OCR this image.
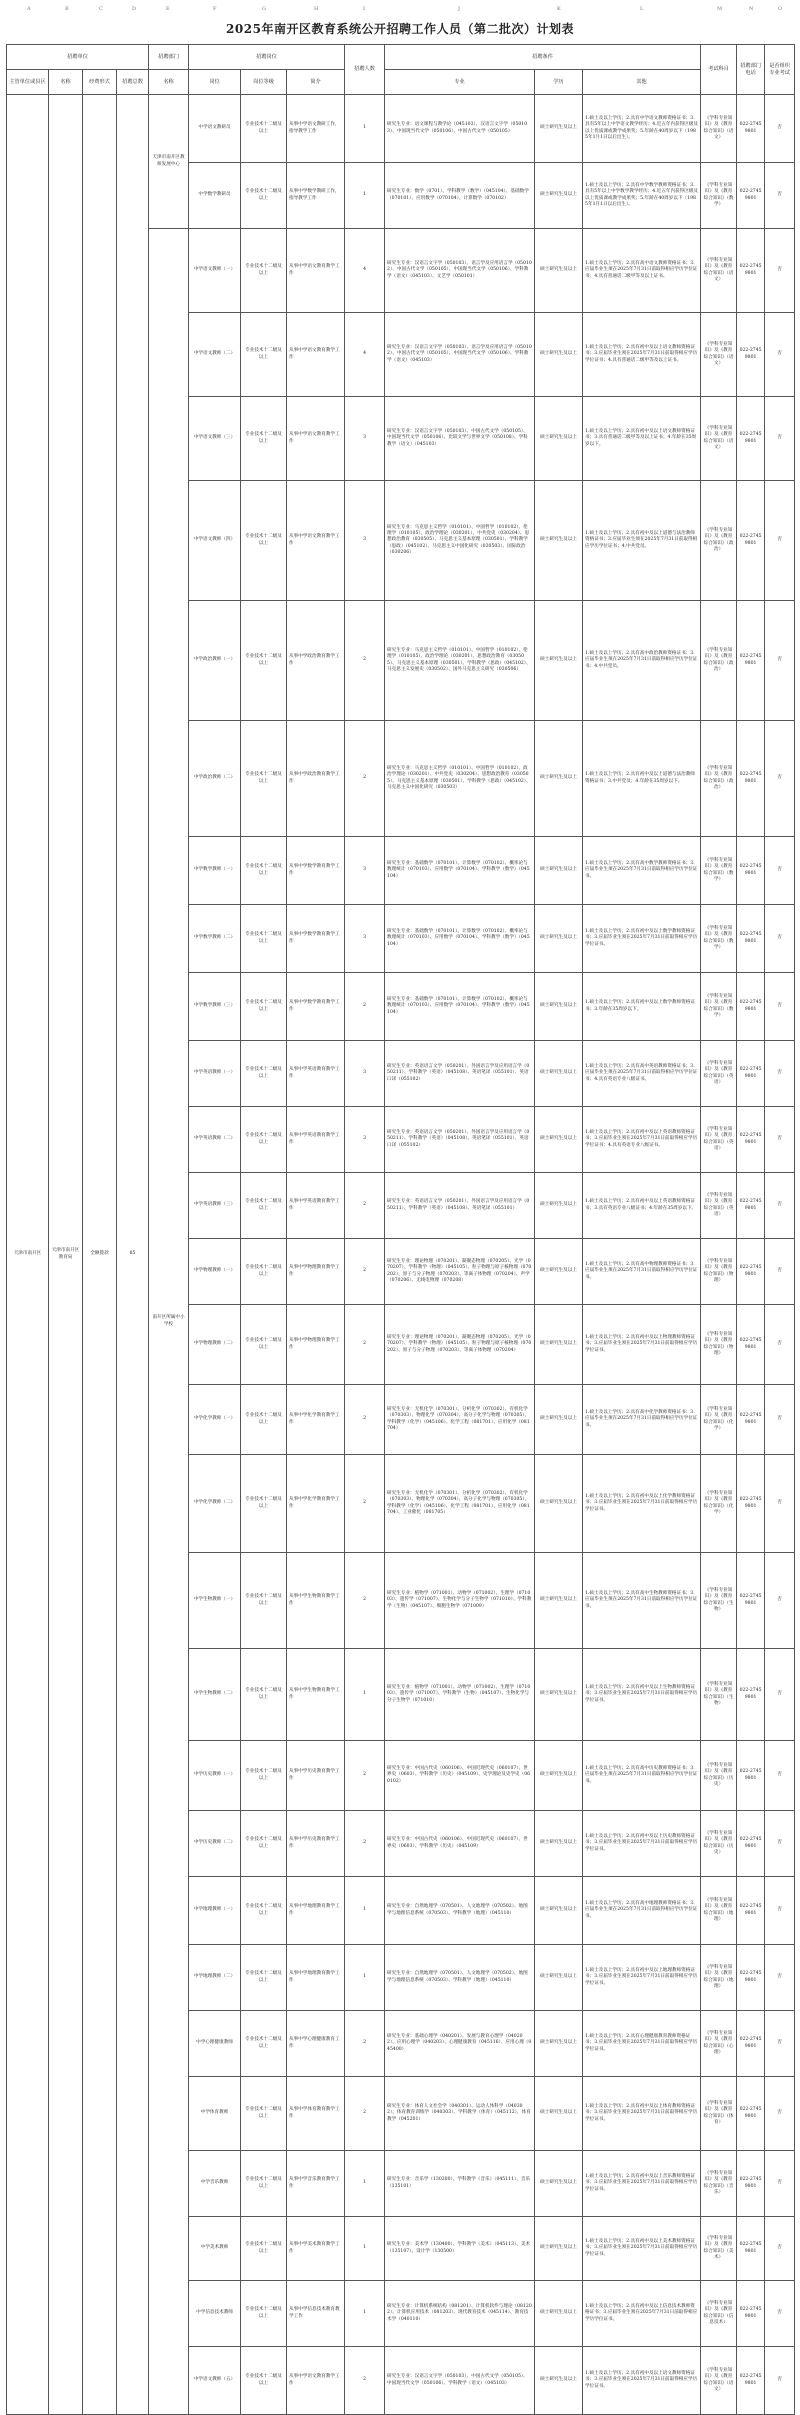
A	B	C	D	E	F	G	H	I	J	K	L	M	N	O
2025年南开区教育系统公开招聘工作人员（第二批次）计划表
招聘单位				招聘部门	招聘岗位			招聘人数	招聘条件			考试科目	招聘部门电话	是否组织专业考试
主管单位或县区	名称	经费形式	招聘总数	名称	岗位	岗位等级	简介		专业	学历	其他			
天津市南开区	天津市南开区教育局	全额拨款	85	天津市南开区教师发展中心	中学语文教研员	专业技术十二级及以上	从事中学语文教研工作，指导教学工作	1	研究生专业：语文课程与教学论（045103）、汉语言文字学（050103）、中国现当代文学（050106）、中国古代文学（050105）	硕士研究生及以上	1.硕士及以上学历；2.具有中学语文教师资格证书；3.具有5年以上中学语文教学经历；4.近五年内获得区级及以上优质课或教学成果奖；5.年龄在40周岁以下（1985年1月1日以后出生）。	《学科专业知识》及《教育综合知识》（语文）	022-27459801	否
					中学数学教研员	专业技术十二级及以上	从事中学数学教研工作，指导教学工作	1	研究生专业：数学（0701）、学科教学（数学）（045104）、基础数学（070101）、应用数学（070104）、计算数学（070102）	硕士研究生及以上	1.硕士及以上学历；2.具有中学数学教师资格证书；3.具有5年以上中学数学教学经历；4.近五年内获得区级及以上优质课或教学成果奖；5.年龄在40周岁以下（1985年1月1日以后出生）。	《学科专业知识》及《教育综合知识》（数学）	022-27459801	否
				南开区所属中小学校	中学语文教师（一）	专业技术十二级及以上	从事中学语文教育教学工作	4	研究生专业：汉语言文字学（050103）、语言学及应用语言学（050102）、中国古代文学（050105）、中国现当代文学（050106）、学科教学（语文）（045103）、文艺学（050101）	硕士研究生及以上	1.硕士及以上学历；2.具有高中语文教师资格证书；3.应届毕业生须在2025年7月31日前取得相应学历学位证书；4.具有普通话二级甲等及以上证书。	《学科专业知识》及《教育综合知识》（语文）	022-27459801	否
					中学语文教师（二）	专业技术十二级及以上	从事中学语文教育教学工作	4	研究生专业：汉语言文字学（050103）、语言学及应用语言学（050102）、中国古代文学（050105）、中国现当代文学（050106）、学科教学（语文）（045103）	硕士研究生及以上	1.硕士及以上学历；2.具有初中及以上语文教师资格证书；3.应届毕业生须在2025年7月31日前取得相应学历学位证书；4.具有普通话二级甲等及以上证书。	《学科专业知识》及《教育综合知识》（语文）	022-27459801	否
					中学语文教师（三）	专业技术十二级及以上	从事中学语文教育教学工作	3	研究生专业：汉语言文字学（050103）、中国古代文学（050105）、中国现当代文学（050106）、比较文学与世界文学（050108）、学科教学（语文）（045103）	硕士研究生及以上	1.硕士及以上学历；2.具有初中及以上语文教师资格证书；3.具有普通话二级甲等及以上证书；4.年龄在35周岁以下。	《学科专业知识》及《教育综合知识》（语文）	022-27459801	否
					中学语文教师（四）	专业技术十二级及以上	从事中学语文教育教学工作	3	研究生专业：马克思主义哲学（010101）、中国哲学（010102）、伦理学（010105）、政治学理论（030201）、中共党史（030204）、思想政治教育（030505）、马克思主义基本原理（030501）、学科教学（思政）（045102）、马克思主义中国化研究（030503）、国际政治（030206）	硕士研究生及以上	1.硕士及以上学历；2.具有初中及以上道德与法治教师资格证书；3.应届毕业生须在2025年7月31日前取得相应学历学位证书；4.中共党员。	《学科专业知识》及《教育综合知识》（政治）	022-27459801	否
					中学政治教师（一）	专业技术十二级及以上	从事中学政治教育教学工作	2	研究生专业：马克思主义哲学（010101）、中国哲学（010102）、伦理学（010105）、政治学理论（030201）、思想政治教育（030505）、马克思主义基本原理（030501）、学科教学（思政）（045102）、马克思主义发展史（030502）、国外马克思主义研究（030506）	硕士研究生及以上	1.硕士及以上学历；2.具有高中政治教师资格证书；3.应届毕业生须在2025年7月31日前取得相应学历学位证书；4.中共党员。	《学科专业知识》及《教育综合知识》（政治）	022-27459801	否
					中学政治教师（二）	专业技术十二级及以上	从事中学政治教育教学工作	2	研究生专业：马克思主义哲学（010101）、中国哲学（010102）、政治学理论（030201）、中共党史（030204）、思想政治教育（030505）、马克思主义基本原理（030501）、学科教学（思政）（045102）、马克思主义中国化研究（030503）	硕士研究生及以上	1.硕士及以上学历；2.具有初中及以上道德与法治教师资格证书；3.中共党员；4.年龄在35周岁以下。	《学科专业知识》及《教育综合知识》（政治）	022-27459801	否
					中学数学教师（一）	专业技术十二级及以上	从事中学数学教育教学工作	3	研究生专业：基础数学（070101）、计算数学（070102）、概率论与数理统计（070103）、应用数学（070104）、学科教学（数学）（045104）	硕士研究生及以上	1.硕士及以上学历；2.具有高中数学教师资格证书；3.应届毕业生须在2025年7月31日前取得相应学历学位证书。	《学科专业知识》及《教育综合知识》（数学）	022-27459801	否
					中学数学教师（二）	专业技术十二级及以上	从事中学数学教育教学工作	3	研究生专业：基础数学（070101）、计算数学（070102）、概率论与数理统计（070103）、应用数学（070104）、学科教学（数学）（045104）	硕士研究生及以上	1.硕士及以上学历；2.具有初中及以上数学教师资格证书；3.应届毕业生须在2025年7月31日前取得相应学历学位证书。	《学科专业知识》及《教育综合知识》（数学）	022-27459801	否
					中学数学教师（三）	专业技术十二级及以上	从事中学数学教育教学工作	2	研究生专业：基础数学（070101）、计算数学（070102）、概率论与数理统计（070103）、应用数学（070104）、学科教学（数学）（045104）	硕士研究生及以上	1.硕士及以上学历；2.具有初中及以上数学教师资格证书；3.年龄在35周岁以下。	《学科专业知识》及《教育综合知识》（数学）	022-27459801	否
					中学英语教师（一）	专业技术十二级及以上	从事中学英语教育教学工作	3	研究生专业：英语语言文学（050201）、外国语言学及应用语言学（050211）、学科教学（英语）（045108）、英语笔译（055101）、英语口译（055102）	硕士研究生及以上	1.硕士及以上学历；2.具有高中英语教师资格证书；3.应届毕业生须在2025年7月31日前取得相应学历学位证书；4.具有英语专业八级证书。	《学科专业知识》及《教育综合知识》（英语）	022-27459801	否
					中学英语教师（二）	专业技术十二级及以上	从事中学英语教育教学工作	3	研究生专业：英语语言文学（050201）、外国语言学及应用语言学（050211）、学科教学（英语）（045108）、英语笔译（055101）、英语口译（055102）	硕士研究生及以上	1.硕士及以上学历；2.具有初中及以上英语教师资格证书；3.应届毕业生须在2025年7月31日前取得相应学历学位证书；4.具有英语专业八级证书。	《学科专业知识》及《教育综合知识》（英语）	022-27459801	否
					中学英语教师（三）	专业技术十二级及以上	从事中学英语教育教学工作	2	研究生专业：英语语言文学（050201）、外国语言学及应用语言学（050211）、学科教学（英语）（045108）、英语笔译（055101）	硕士研究生及以上	1.硕士及以上学历；2.具有初中及以上英语教师资格证书；3.具有英语专业八级证书；4.年龄在35周岁以下。	《学科专业知识》及《教育综合知识》（英语）	022-27459801	否
					中学物理教师（一）	专业技术十二级及以上	从事中学物理教育教学工作	2	研究生专业：理论物理（070201）、凝聚态物理（070205）、光学（070207）、学科教学（物理）（045105）、粒子物理与原子核物理（070202）、原子与分子物理（070203）、等离子体物理（070204）、声学（070206）、无线电物理（070208）	硕士研究生及以上	1.硕士及以上学历；2.具有高中物理教师资格证书；3.应届毕业生须在2025年7月31日前取得相应学历学位证书。	《学科专业知识》及《教育综合知识》（物理）	022-27459801	否
					中学物理教师（二）	专业技术十二级及以上	从事中学物理教育教学工作	2	研究生专业：理论物理（070201）、凝聚态物理（070205）、光学（070207）、学科教学（物理）（045105）、粒子物理与原子核物理（070202）、原子与分子物理（070203）、等离子体物理（070204）	硕士研究生及以上	1.硕士及以上学历；2.具有初中及以上物理教师资格证书；3.应届毕业生须在2025年7月31日前取得相应学历学位证书。	《学科专业知识》及《教育综合知识》（物理）	022-27459801	否
					中学化学教师（一）	专业技术十二级及以上	从事中学化学教育教学工作	2	研究生专业：无机化学（070301）、分析化学（070302）、有机化学（070303）、物理化学（070304）、高分子化学与物理（070305）、学科教学（化学）（045106）、化学工程（081701）、应用化学（081704）	硕士研究生及以上	1.硕士及以上学历；2.具有高中化学教师资格证书；3.应届毕业生须在2025年7月31日前取得相应学历学位证书。	《学科专业知识》及《教育综合知识》（化学）	022-27459801	否
					中学化学教师（二）	专业技术十二级及以上	从事中学化学教育教学工作	2	研究生专业：无机化学（070301）、分析化学（070302）、有机化学（070303）、物理化学（070304）、高分子化学与物理（070305）、学科教学（化学）（045106）、化学工程（081701）、应用化学（081704）、工业催化（081705）	硕士研究生及以上	1.硕士及以上学历；2.具有初中及以上化学教师资格证书；3.应届毕业生须在2025年7月31日前取得相应学历学位证书。	《学科专业知识》及《教育综合知识》（化学）	022-27459801	否
					中学生物教师（一）	专业技术十二级及以上	从事中学生物教育教学工作	2	研究生专业：植物学（071001）、动物学（071002）、生理学（071003）、遗传学（071007）、生物化学与分子生物学（071010）、学科教学（生物）（045107）、细胞生物学（071009）	硕士研究生及以上	1.硕士及以上学历；2.具有高中生物教师资格证书；3.应届毕业生须在2025年7月31日前取得相应学历学位证书。	《学科专业知识》及《教育综合知识》（生物）	022-27459801	否
					中学生物教师（二）	专业技术十二级及以上	从事中学生物教育教学工作	1	研究生专业：植物学（071001）、动物学（071002）、生理学（071003）、遗传学（071007）、学科教学（生物）（045107）、生物化学与分子生物学（071010）	硕士研究生及以上	1.硕士及以上学历；2.具有初中及以上生物教师资格证书；3.应届毕业生须在2025年7月31日前取得相应学历学位证书。	《学科专业知识》及《教育综合知识》（生物）	022-27459801	否
					中学历史教师（一）	专业技术十二级及以上	从事中学历史教育教学工作	2	研究生专业：中国古代史（060106）、中国近现代史（060107）、世界史（0603）、学科教学（历史）（045109）、史学理论及史学史（060102）	硕士研究生及以上	1.硕士及以上学历；2.具有高中历史教师资格证书；3.应届毕业生须在2025年7月31日前取得相应学历学位证书。	《学科专业知识》及《教育综合知识》（历史）	022-27459801	否
					中学历史教师（二）	专业技术十二级及以上	从事中学历史教育教学工作	2	研究生专业：中国古代史（060106）、中国近现代史（060107）、世界史（0603）、学科教学（历史）（045109）	硕士研究生及以上	1.硕士及以上学历；2.具有初中及以上历史教师资格证书；3.应届毕业生须在2025年7月31日前取得相应学历学位证书。	《学科专业知识》及《教育综合知识》（历史）	022-27459801	否
					中学地理教师（一）	专业技术十二级及以上	从事中学地理教育教学工作	1	研究生专业：自然地理学（070501）、人文地理学（070502）、地图学与地理信息系统（070503）、学科教学（地理）（045110）	硕士研究生及以上	1.硕士及以上学历；2.具有高中地理教师资格证书；3.应届毕业生须在2025年7月31日前取得相应学历学位证书。	《学科专业知识》及《教育综合知识》（地理）	022-27459801	否
					中学地理教师（二）	专业技术十二级及以上	从事中学地理教育教学工作	1	研究生专业：自然地理学（070501）、人文地理学（070502）、地图学与地理信息系统（070503）、学科教学（地理）（045110）	硕士研究生及以上	1.硕士及以上学历；2.具有初中及以上地理教师资格证书；3.应届毕业生须在2025年7月31日前取得相应学历学位证书。	《学科专业知识》及《教育综合知识》（地理）	022-27459801	否
					中学心理健康教师	专业技术十二级及以上	从事中学心理健康教育工作	2	研究生专业：基础心理学（040201）、发展与教育心理学（040202）、应用心理学（040203）、心理健康教育（045116）、应用心理（045400）	硕士研究生及以上	1.硕士及以上学历；2.具有心理健康教育教师资格证书；3.应届毕业生须在2025年7月31日前取得相应学历学位证书。	《学科专业知识》及《教育综合知识》（心理）	022-27459801	否
					中学体育教师	专业技术十二级及以上	从事中学体育教育教学工作	2	研究生专业：体育人文社会学（040301）、运动人体科学（040302）、体育教育训练学（040303）、学科教学（体育）（045112）、体育教学（045201）	硕士研究生及以上	1.硕士及以上学历；2.具有初中及以上体育教师资格证书；3.应届毕业生须在2025年7月31日前取得相应学历学位证书。	《学科专业知识》及《教育综合知识》（体育）	022-27459801	否
					中学音乐教师	专业技术十二级及以上	从事中学音乐教育教学工作	1	研究生专业：音乐学（130200）、学科教学（音乐）（045111）、音乐（135101）	硕士研究生及以上	1.硕士及以上学历；2.具有初中及以上音乐教师资格证书；3.应届毕业生须在2025年7月31日前取得相应学历学位证书。	《学科专业知识》及《教育综合知识》（音乐）	022-27459801	否
					中学美术教师	专业技术十二级及以上	从事中学美术教育教学工作	1	研究生专业：美术学（130400）、学科教学（美术）（045113）、美术（135107）、设计学（130500）	硕士研究生及以上	1.硕士及以上学历；2.具有初中及以上美术教师资格证书；3.应届毕业生须在2025年7月31日前取得相应学历学位证书。	《学科专业知识》及《教育综合知识》（美术）	022-27459801	否
					中学信息技术教师	专业技术十二级及以上	从事中学信息技术教育教学工作	1	研究生专业：计算机系统结构（081201）、计算机软件与理论（081202）、计算机应用技术（081203）、现代教育技术（045114）、教育技术学（040110）	硕士研究生及以上	1.硕士及以上学历；2.具有初中及以上信息技术教师资格证书；3.应届毕业生须在2025年7月31日前取得相应学历学位证书。	《学科专业知识》及《教育综合知识》（信息技术）	022-27459801	否
					中学语文教师（五）	专业技术十二级及以上	从事中学语文教育教学工作	2	研究生专业：汉语言文字学（050103）、中国古代文学（050105）、中国现当代文学（050106）、学科教学（语文）（045103）	硕士研究生及以上	1.硕士及以上学历；2.具有初中及以上语文教师资格证书；3.应届毕业生须在2025年7月31日前取得相应学历学位证书。	《学科专业知识》及《教育综合知识》（语文）	022-27459801	否
